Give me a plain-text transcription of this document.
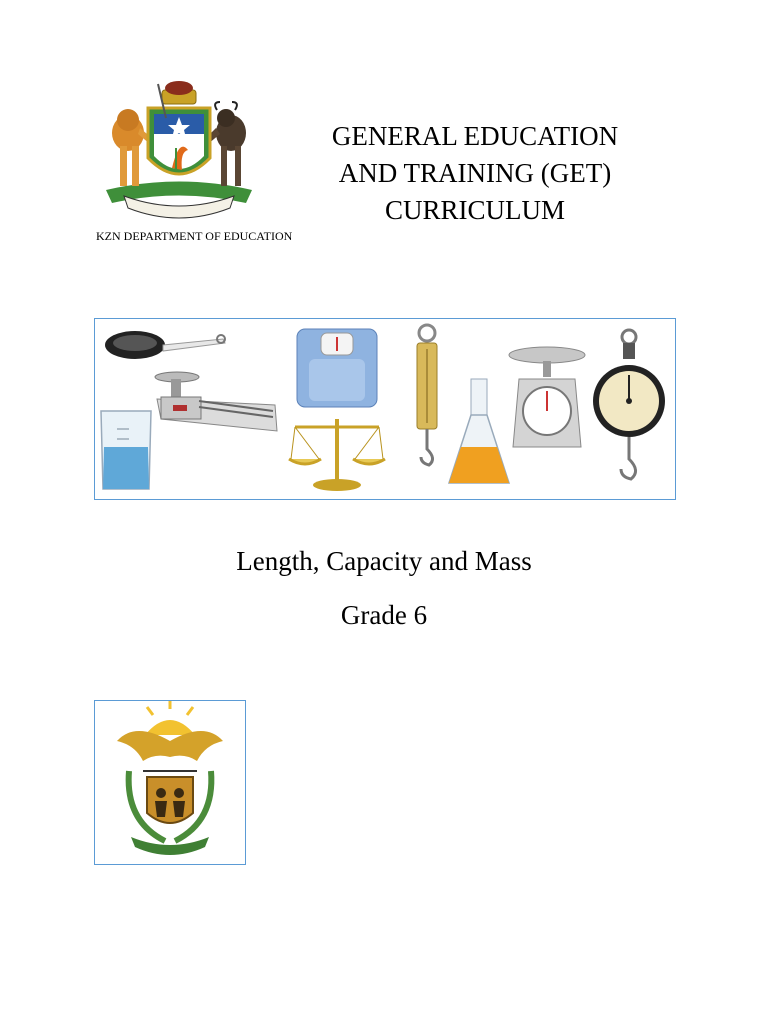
KZN DEPARTMENT OF EDUCATION
GENERAL EDUCATION
AND TRAINING (GET)
CURRICULUM
Length, Capacity and Mass
Grade 6
